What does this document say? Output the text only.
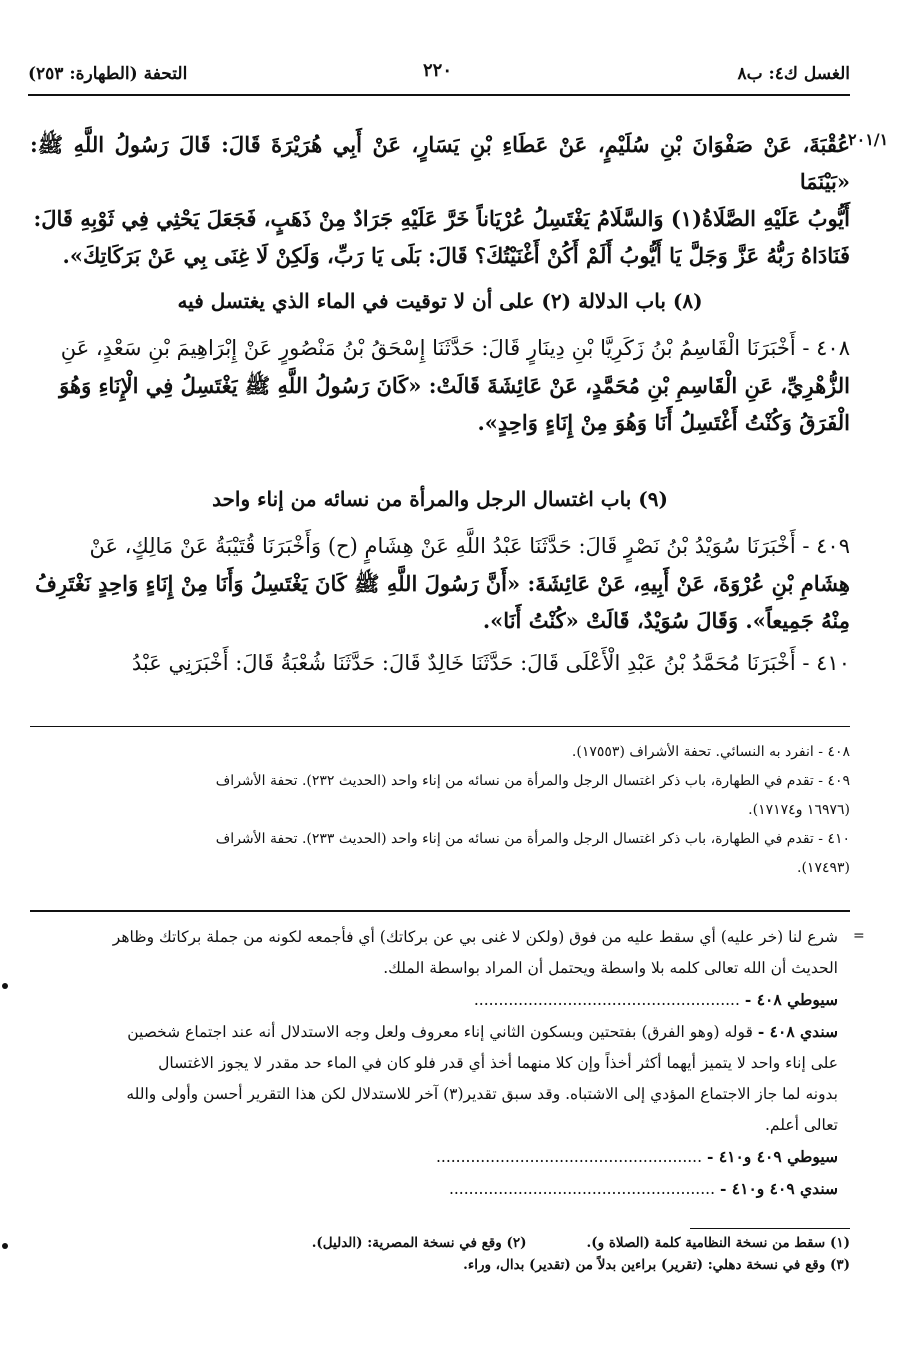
الغسل ك٤: ب٨
٢٢٠
التحفة (الطهارة: ٢٥٣)
٢٠١/١
عُقْبَةَ، عَنْ صَفْوَانَ بْنِ سُلَيْمٍ، عَنْ عَطَاءِ بْنِ يَسَارٍ، عَنْ أَبِي هُرَيْرَةَ قَالَ: قَالَ رَسُولُ اللَّهِ ﷺ: «بَيْنَمَا
أَيُّوبُ عَلَيْهِ الصَّلَاةُ(١) وَالسَّلَامُ يَغْتَسِلُ عُرْيَاناً خَرَّ عَلَيْهِ جَرَادٌ مِنْ ذَهَبٍ، فَجَعَلَ يَحْثِي فِي ثَوْبِهِ قَالَ:
فَنَادَاهُ رَبُّهُ عَزَّ وَجَلَّ يَا أَيُّوبُ أَلَمْ أَكُنْ أَغْنَيْتُكَ؟ قَالَ: بَلَى يَا رَبِّ، وَلَكِنْ لَا غِنَى بِي عَنْ بَرَكَاتِكَ».
(٨) باب الدلالة (٢) على أن لا توقيت في الماء الذي يغتسل فيه
٤٠٨ - أَخْبَرَنَا الْقَاسِمُ بْنُ زَكَرِيَّا بْنِ دِينَارٍ قَالَ: حَدَّثَنَا إِسْحَقُ بْنُ مَنْصُورٍ عَنْ إِبْرَاهِيمَ بْنِ سَعْدٍ، عَنِ
الزُّهْرِيِّ، عَنِ الْقَاسِمِ بْنِ مُحَمَّدٍ، عَنْ عَائِشَةَ قَالَتْ: «كَانَ رَسُولُ اللَّهِ ﷺ يَغْتَسِلُ فِي الْإِنَاءِ وَهُوَ
الْفَرَقُ وَكُنْتُ أَغْتَسِلُ أَنَا وَهُوَ مِنْ إِنَاءٍ وَاحِدٍ».
(٩) باب اغتسال الرجل والمرأة من نسائه من إناء واحد
٤٠٩ - أَخْبَرَنَا سُوَيْدُ بْنُ نَصْرٍ قَالَ: حَدَّثَنَا عَبْدُ اللَّهِ عَنْ هِشَامٍ (ح) وَأَخْبَرَنَا قُتَيْبَةُ عَنْ مَالِكٍ، عَنْ
هِشَامِ بْنِ عُرْوَةَ، عَنْ أَبِيهِ، عَنْ عَائِشَةَ: «أَنَّ رَسُولَ اللَّهِ ﷺ كَانَ يَغْتَسِلُ وَأَنَا مِنْ إِنَاءٍ وَاحِدٍ نَغْتَرِفُ
مِنْهُ جَمِيعاً». وَقَالَ سُوَيْدٌ، قَالَتْ «كُنْتُ أَنَا».
٤١٠ - أَخْبَرَنَا مُحَمَّدُ بْنُ عَبْدِ الْأَعْلَى قَالَ: حَدَّثَنَا خَالِدٌ قَالَ: حَدَّثَنَا شُعْبَةُ قَالَ: أَخْبَرَنِي عَبْدُ
٤٠٨ - انفرد به النسائي. تحفة الأشراف (١٧٥٥٣).
٤٠٩ - تقدم في الطهارة، باب ذكر اغتسال الرجل والمرأة من نسائه من إناء واحد (الحديث ٢٣٢). تحفة الأشراف
(١٦٩٧٦ و١٧١٧٤).
٤١٠ - تقدم في الطهارة، باب ذكر اغتسال الرجل والمرأة من نسائه من إناء واحد (الحديث ٢٣٣). تحفة الأشراف
(١٧٤٩٣).
=
شرع لنا (خر عليه) أي سقط عليه من فوق (ولكن لا غنى بي عن بركاتك) أي فأجمعه لكونه من جملة بركاتك وظاهر
الحديث أن الله تعالى كلمه بلا واسطة ويحتمل أن المراد بواسطة الملك.
سيوطي ٤٠٨ - ......................................................
سندي ٤٠٨ - قوله (وهو الفرق) بفتحتين وبسكون الثاني إناء معروف ولعل وجه الاستدلال أنه عند اجتماع شخصين
على إناء واحد لا يتميز أيهما أكثر أخذاً وإن كلا منهما أخذ أي قدر فلو كان في الماء حد مقدر لا يجوز الاغتسال
بدونه لما جاز الاجتماع المؤدي إلى الاشتباه. وقد سبق تقدير(٣) آخر للاستدلال لكن هذا التقرير أحسن وأولى والله
تعالى أعلم.
سيوطي ٤٠٩ و٤١٠ - ......................................................
سندي ٤٠٩ و٤١٠ - ......................................................
(١) سقط من نسخة النظامية كلمة (الصلاة و).
(٢) وقع في نسخة المصرية: (الدليل).
(٣) وقع في نسخة دهلي: (تقرير) براءين بدلاً من (تقدير) بدال، وراء.
